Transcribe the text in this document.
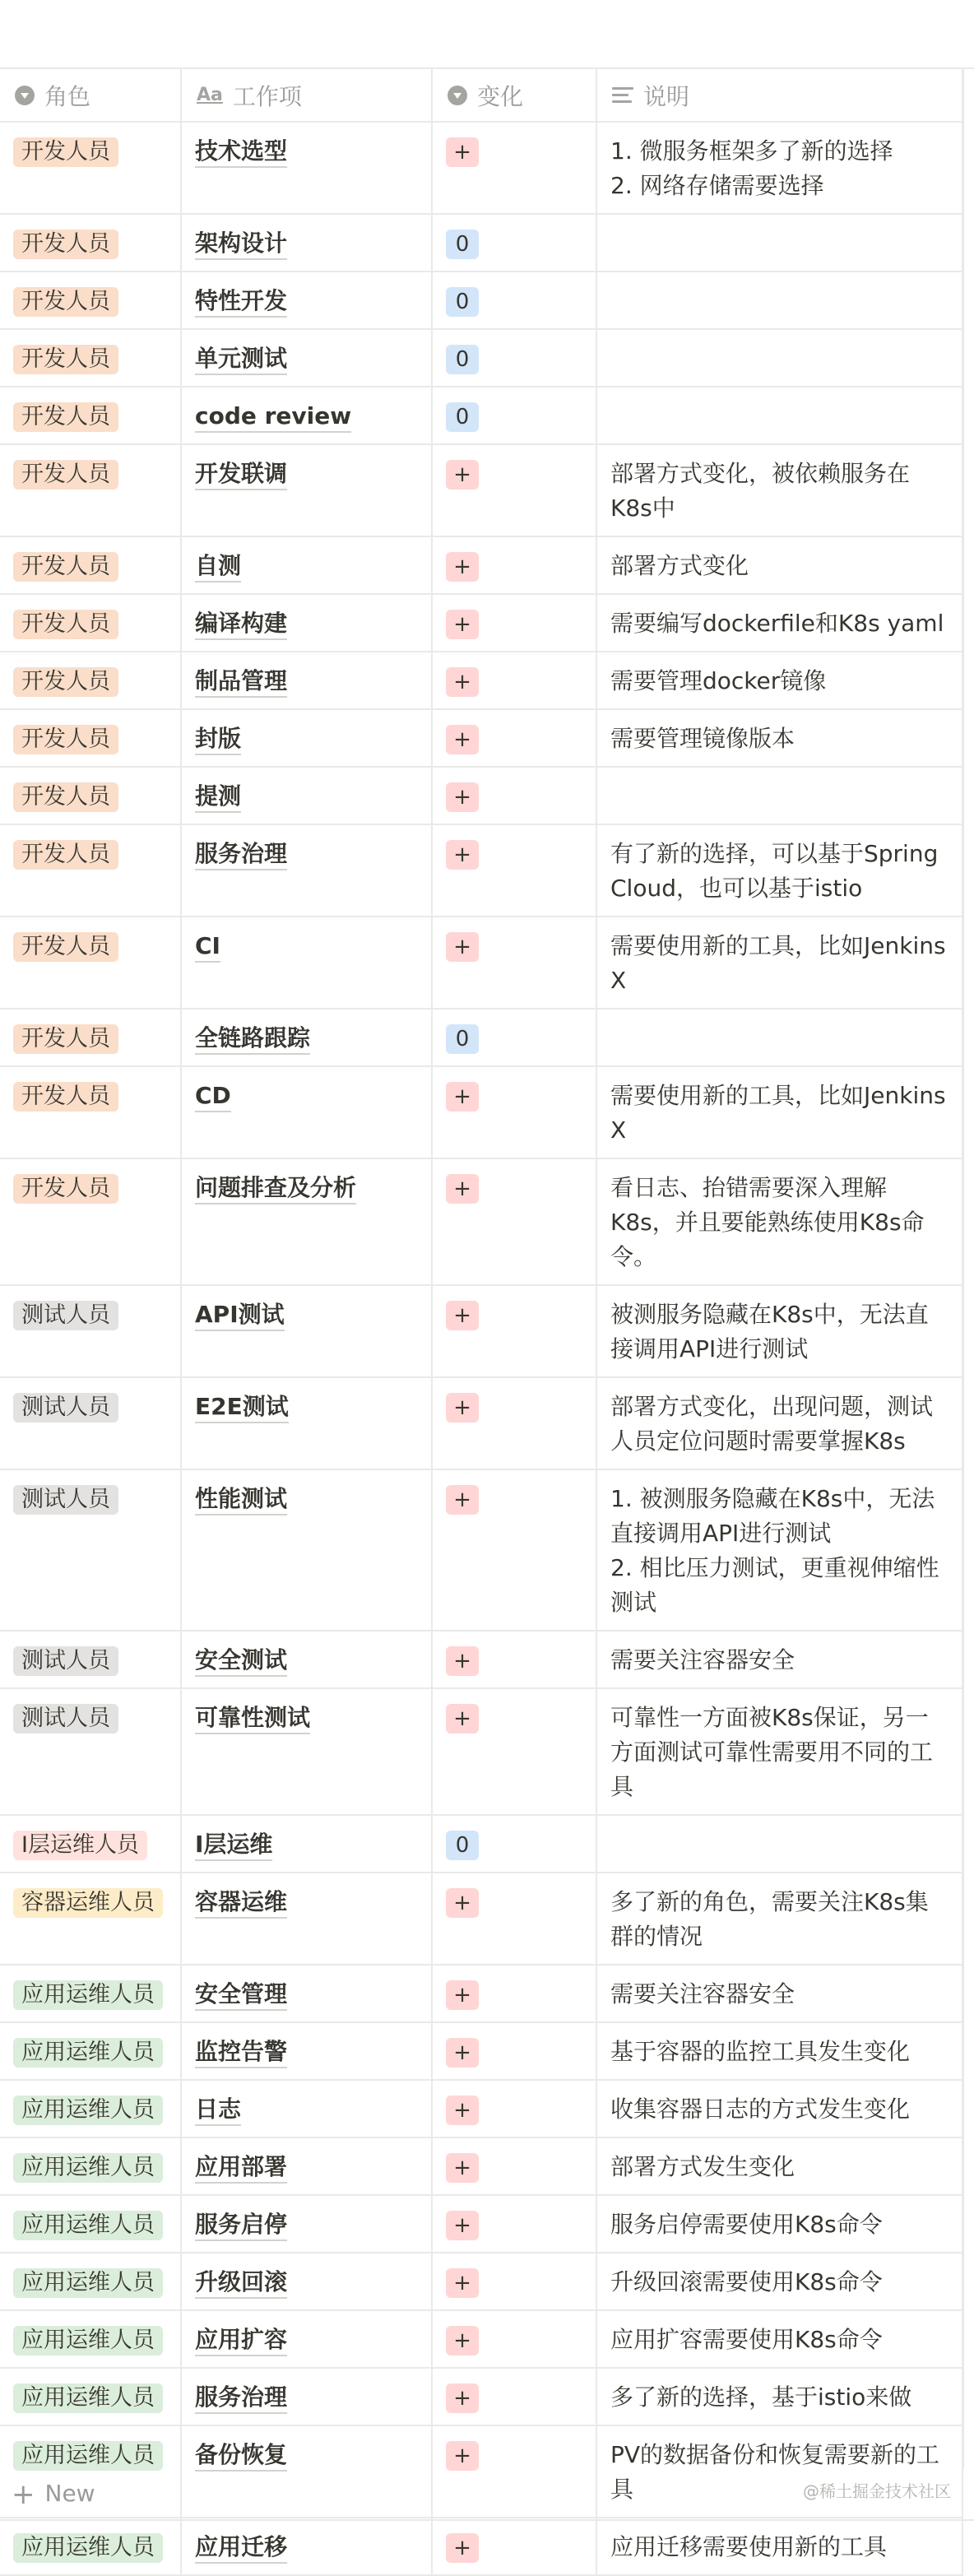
角色	Aa 工作项	变化	说明
开发人员	技术选型	+	1. 微服务框架多了新的选择
2. 网络存储需要选择

开发人员	架构设计	0	

开发人员	特性开发	0	

开发人员	单元测试	0	

开发人员	code review	0	

开发人员	开发联调	+	部署方式变化，被依赖服务在
K8s中

开发人员	自测	+	部署方式变化

开发人员	编译构建	+	需要编写dockerfile和K8s yaml

开发人员	制品管理	+	需要管理docker镜像

开发人员	封版	+	需要管理镜像版本

开发人员	提测	+	

开发人员	服务治理	+	有了新的选择，可以基于Spring
Cloud，也可以基于istio

开发人员	CI	+	需要使用新的工具，比如Jenkins
X

开发人员	全链路跟踪	0	

开发人员	CD	+	需要使用新的工具，比如Jenkins
X

开发人员	问题排查及分析	+	看日志、抬错需要深入理解
K8s，并且要能熟练使用K8s命
令。

测试人员	API测试	+	被测服务隐藏在K8s中，无法直
接调用API进行测试

测试人员	E2E测试	+	部署方式变化，出现问题，测试
人员定位问题时需要掌握K8s

测试人员	性能测试	+	1. 被测服务隐藏在K8s中，无法
直接调用API进行测试
2. 相比压力测试，更重视伸缩性
测试

测试人员	安全测试	+	需要关注容器安全

测试人员	可靠性测试	+	可靠性一方面被K8s保证，另一
方面测试可靠性需要用不同的工
具

I层运维人员	I层运维	0	

容器运维人员	容器运维	+	多了新的角色，需要关注K8s集
群的情况

应用运维人员	安全管理	+	需要关注容器安全

应用运维人员	监控告警	+	基于容器的监控工具发生变化

应用运维人员	日志	+	收集容器日志的方式发生变化

应用运维人员	应用部署	+	部署方式发生变化

应用运维人员	服务启停	+	服务启停需要使用K8s命令

应用运维人员	升级回滚	+	升级回滚需要使用K8s命令

应用运维人员	应用扩容	+	应用扩容需要使用K8s命令

应用运维人员	服务治理	+	多了新的选择，基于istio来做

应用运维人员	备份恢复	+	PV的数据备份和恢复需要新的工
具

应用运维人员	应用迁移	+	应用迁移需要使用新的工具
+ New	@稀土掘金技术社区
